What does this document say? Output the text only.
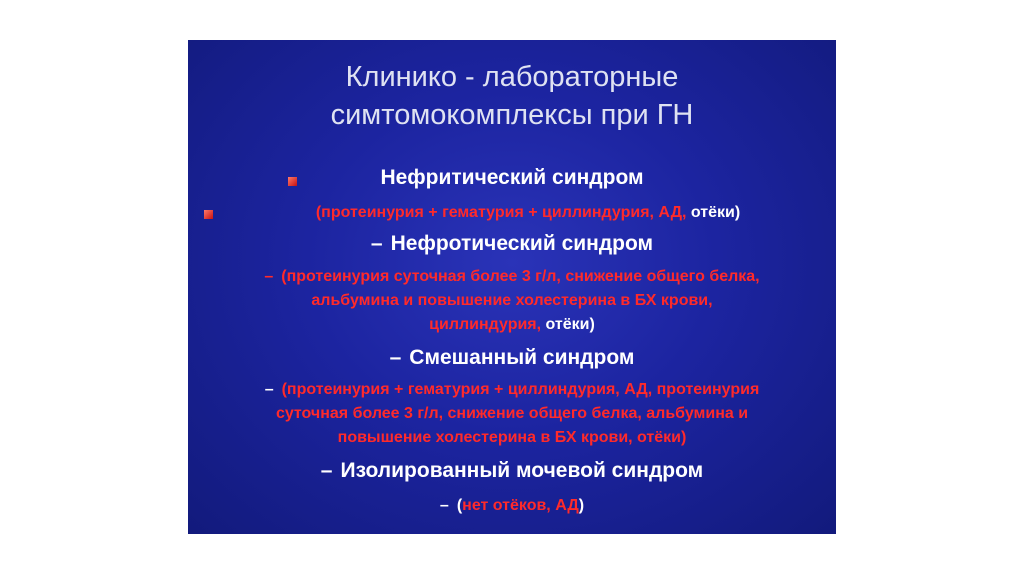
Клинико - лабораторные
симтомокомплексы при ГН
Нефритический синдром
(протеинурия + гематурия + циллиндурия, АД, отёки)
– Нефротический синдром
– (протеинурия суточная более 3 г/л, снижение общего белка,
альбумина и повышение холестерина в БХ крови,
циллиндурия, отёки)
– Смешанный синдром
– (протеинурия + гематурия + циллиндурия, АД, протеинурия
суточная более 3 г/л, снижение общего белка, альбумина и
повышение холестерина в БХ крови, отёки)
– Изолированный мочевой синдром
– (нет отёков, АД)
